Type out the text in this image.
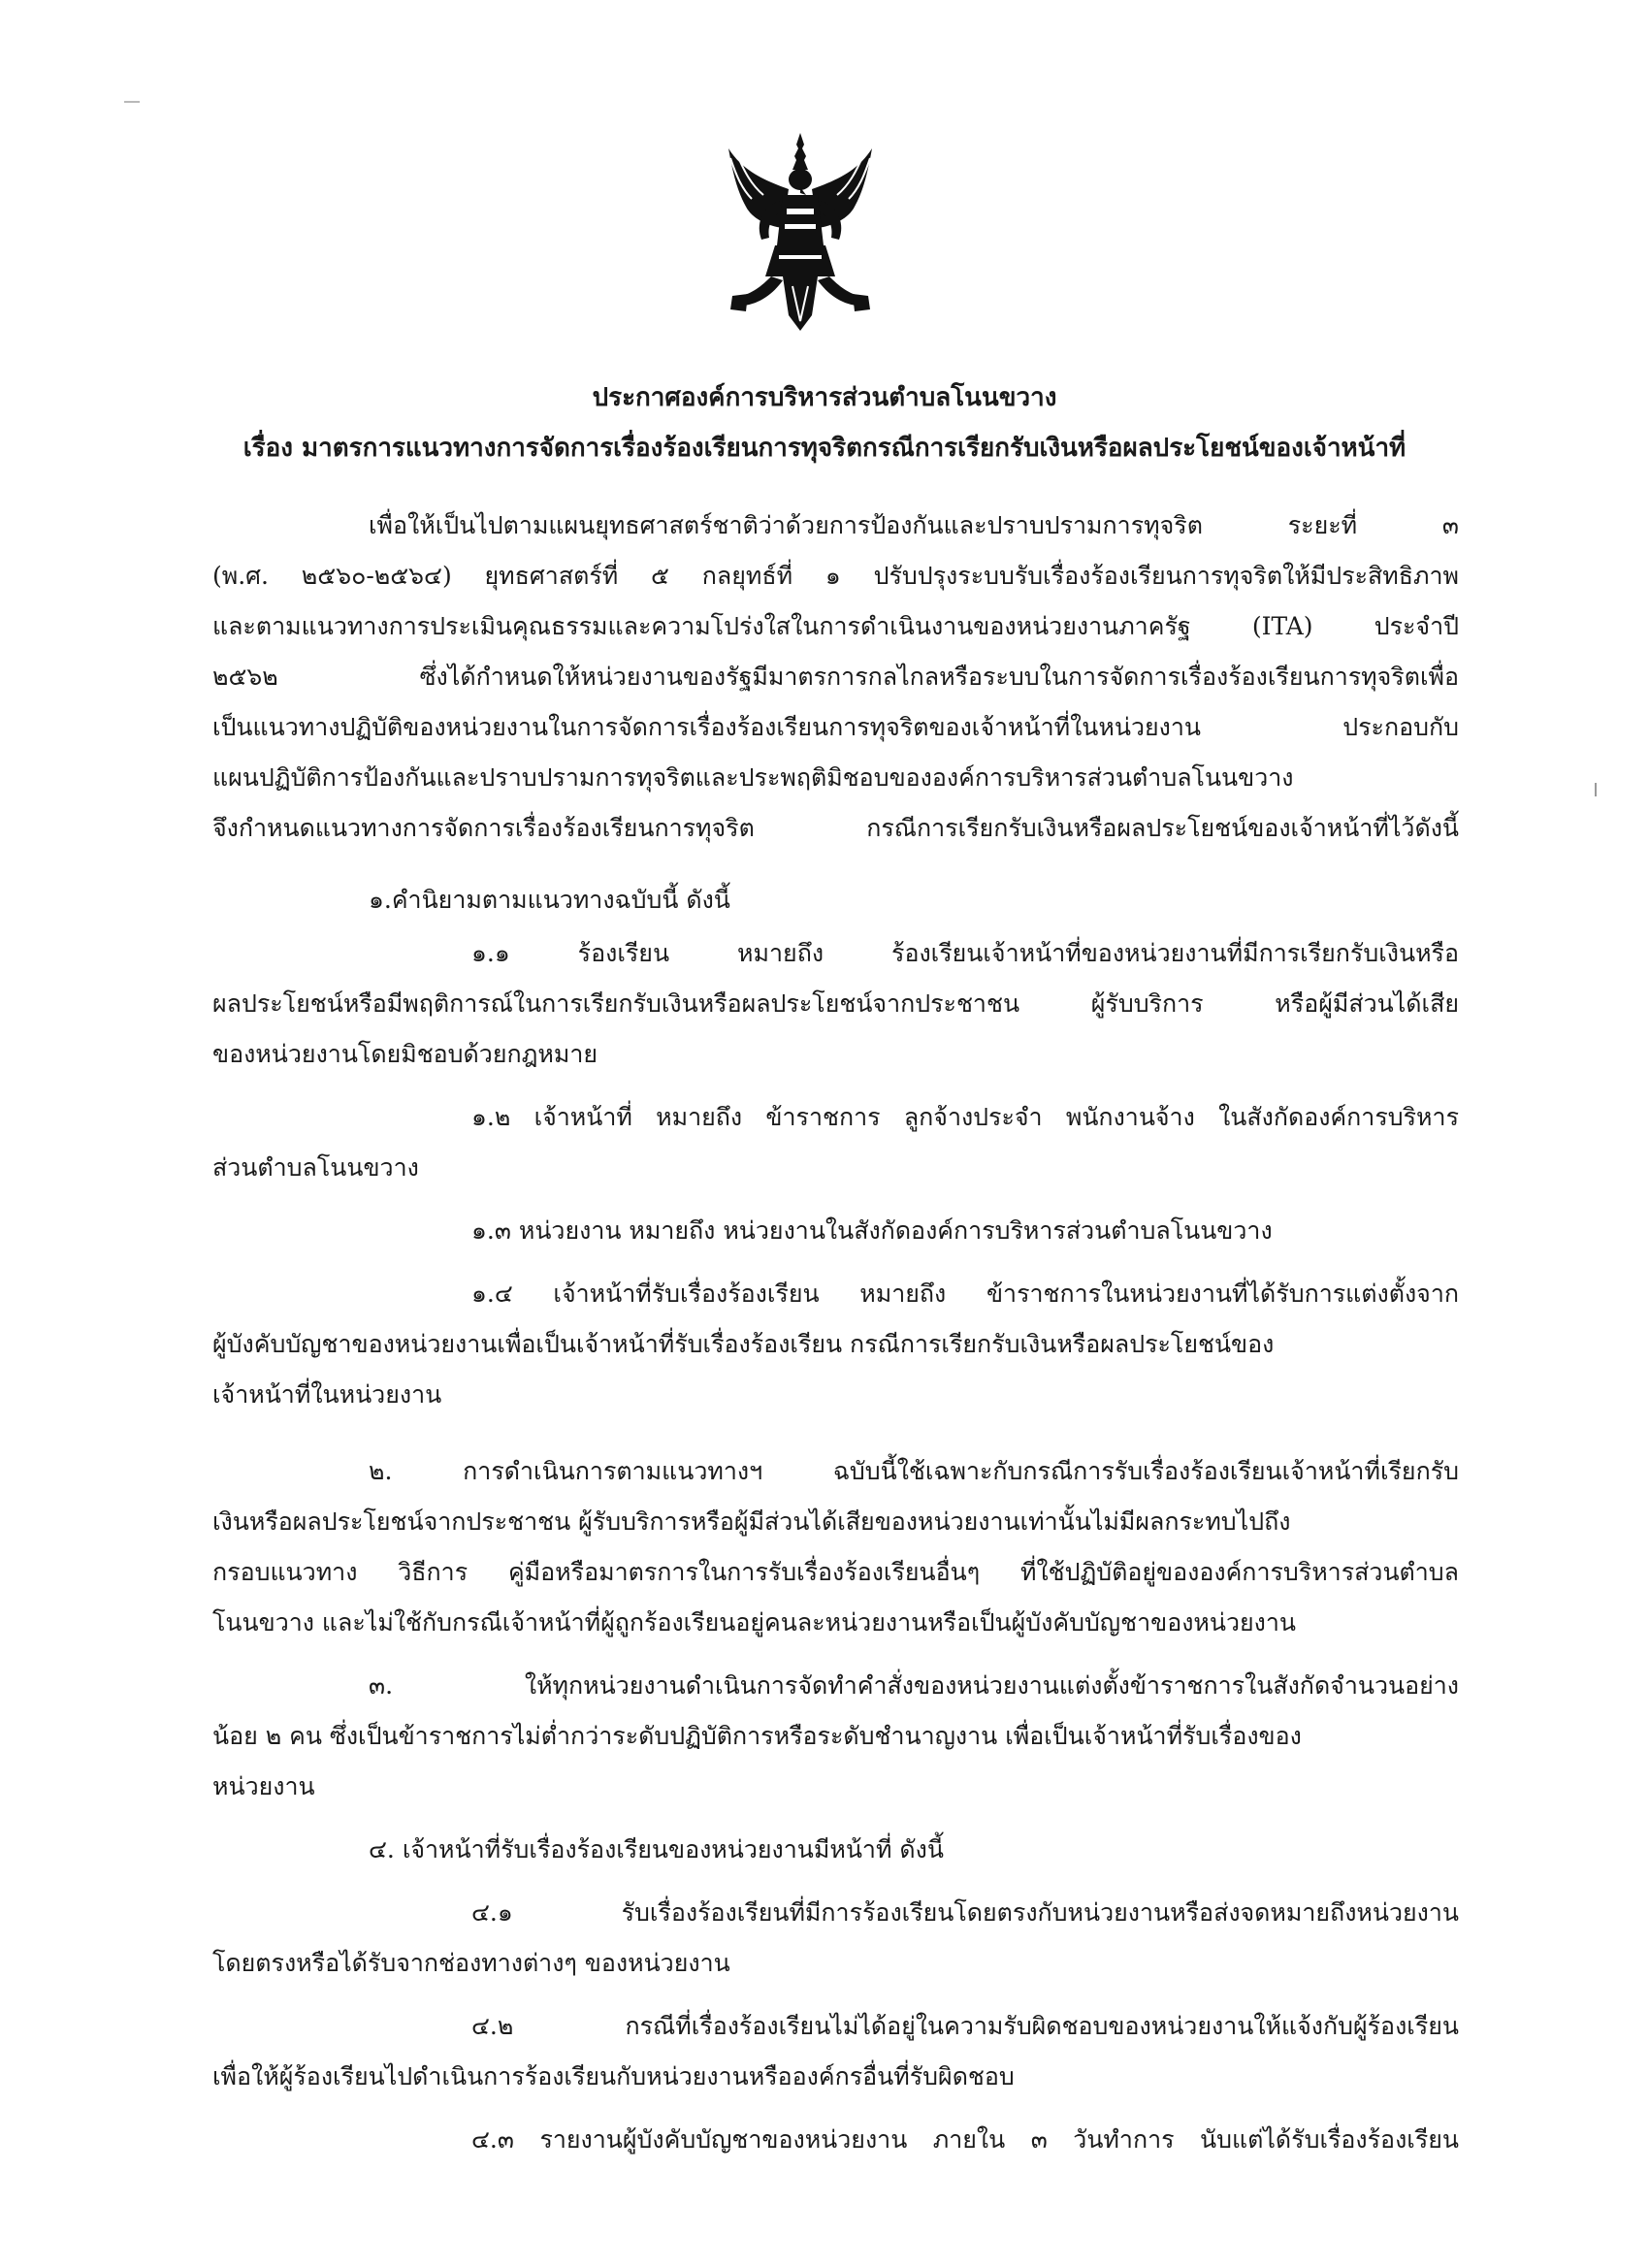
ประกาศองค์การบริหารส่วนตำบลโนนขวาง
เรื่อง มาตรการแนวทางการจัดการเรื่องร้องเรียนการทุจริตกรณีการเรียกรับเงินหรือผลประโยชน์ของเจ้าหน้าที่
เพื่อให้เป็นไปตามแผนยุทธศาสตร์ชาติว่าด้วยการป้องกันและปราบปรามการทุจริต ระยะที่ ๓
(พ.ศ. ๒๕๖๐-๒๕๖๔) ยุทธศาสตร์ที่ ๕ กลยุทธ์ที่ ๑ ปรับปรุงระบบรับเรื่องร้องเรียนการทุจริตให้มีประสิทธิภาพ
และตามแนวทางการประเมินคุณธรรมและความโปร่งใสในการดำเนินงานของหน่วยงานภาครัฐ (ITA) ประจำปี
๒๕๖๒ ซึ่งได้กำหนดให้หน่วยงานของรัฐมีมาตรการกลไกลหรือระบบในการจัดการเรื่องร้องเรียนการทุจริตเพื่อ
เป็นแนวทางปฏิบัติของหน่วยงานในการจัดการเรื่องร้องเรียนการทุจริตของเจ้าหน้าที่ในหน่วยงาน ประกอบกับ
แผนปฏิบัติการป้องกันและปราบปรามการทุจริตและประพฤติมิชอบขององค์การบริหารส่วนตำบลโนนขวาง
จึงกำหนดแนวทางการจัดการเรื่องร้องเรียนการทุจริต กรณีการเรียกรับเงินหรือผลประโยชน์ของเจ้าหน้าที่ไว้ดังนี้
๑.คำนิยามตามแนวทางฉบับนี้ ดังนี้
๑.๑ ร้องเรียน หมายถึง ร้องเรียนเจ้าหน้าที่ของหน่วยงานที่มีการเรียกรับเงินหรือ
ผลประโยชน์หรือมีพฤติการณ์ในการเรียกรับเงินหรือผลประโยชน์จากประชาชน ผู้รับบริการ หรือผู้มีส่วนได้เสีย
ของหน่วยงานโดยมิชอบด้วยกฎหมาย
๑.๒ เจ้าหน้าที่ หมายถึง ข้าราชการ ลูกจ้างประจำ พนักงานจ้าง ในสังกัดองค์การบริหาร
ส่วนตำบลโนนขวาง
๑.๓ หน่วยงาน หมายถึง หน่วยงานในสังกัดองค์การบริหารส่วนตำบลโนนขวาง
๑.๔ เจ้าหน้าที่รับเรื่องร้องเรียน หมายถึง ข้าราชการในหน่วยงานที่ได้รับการแต่งตั้งจาก
ผู้บังคับบัญชาของหน่วยงานเพื่อเป็นเจ้าหน้าที่รับเรื่องร้องเรียน กรณีการเรียกรับเงินหรือผลประโยชน์ของ
เจ้าหน้าที่ในหน่วยงาน
๒. การดำเนินการตามแนวทางฯ ฉบับนี้ใช้เฉพาะกับกรณีการรับเรื่องร้องเรียนเจ้าหน้าที่เรียกรับ
เงินหรือผลประโยชน์จากประชาชน ผู้รับบริการหรือผู้มีส่วนได้เสียของหน่วยงานเท่านั้นไม่มีผลกระทบไปถึง
กรอบแนวทาง วิธีการ คู่มือหรือมาตรการในการรับเรื่องร้องเรียนอื่นๆ ที่ใช้ปฏิบัติอยู่ขององค์การบริหารส่วนตำบล
โนนขวาง และไม่ใช้กับกรณีเจ้าหน้าที่ผู้ถูกร้องเรียนอยู่คนละหน่วยงานหรือเป็นผู้บังคับบัญชาของหน่วยงาน
๓. ให้ทุกหน่วยงานดำเนินการจัดทำคำสั่งของหน่วยงานแต่งตั้งข้าราชการในสังกัดจำนวนอย่าง
น้อย ๒ คน ซึ่งเป็นข้าราชการไม่ต่ำกว่าระดับปฏิบัติการหรือระดับชำนาญงาน เพื่อเป็นเจ้าหน้าที่รับเรื่องของ
หน่วยงาน
๔. เจ้าหน้าที่รับเรื่องร้องเรียนของหน่วยงานมีหน้าที่ ดังนี้
๔.๑ รับเรื่องร้องเรียนที่มีการร้องเรียนโดยตรงกับหน่วยงานหรือส่งจดหมายถึงหน่วยงาน
โดยตรงหรือได้รับจากช่องทางต่างๆ ของหน่วยงาน
๔.๒ กรณีที่เรื่องร้องเรียนไม่ได้อยู่ในความรับผิดชอบของหน่วยงานให้แจ้งกับผู้ร้องเรียน
เพื่อให้ผู้ร้องเรียนไปดำเนินการร้องเรียนกับหน่วยงานหรือองค์กรอื่นที่รับผิดชอบ
๔.๓ รายงานผู้บังคับบัญชาของหน่วยงาน ภายใน ๓ วันทำการ นับแต่ได้รับเรื่องร้องเรียน
